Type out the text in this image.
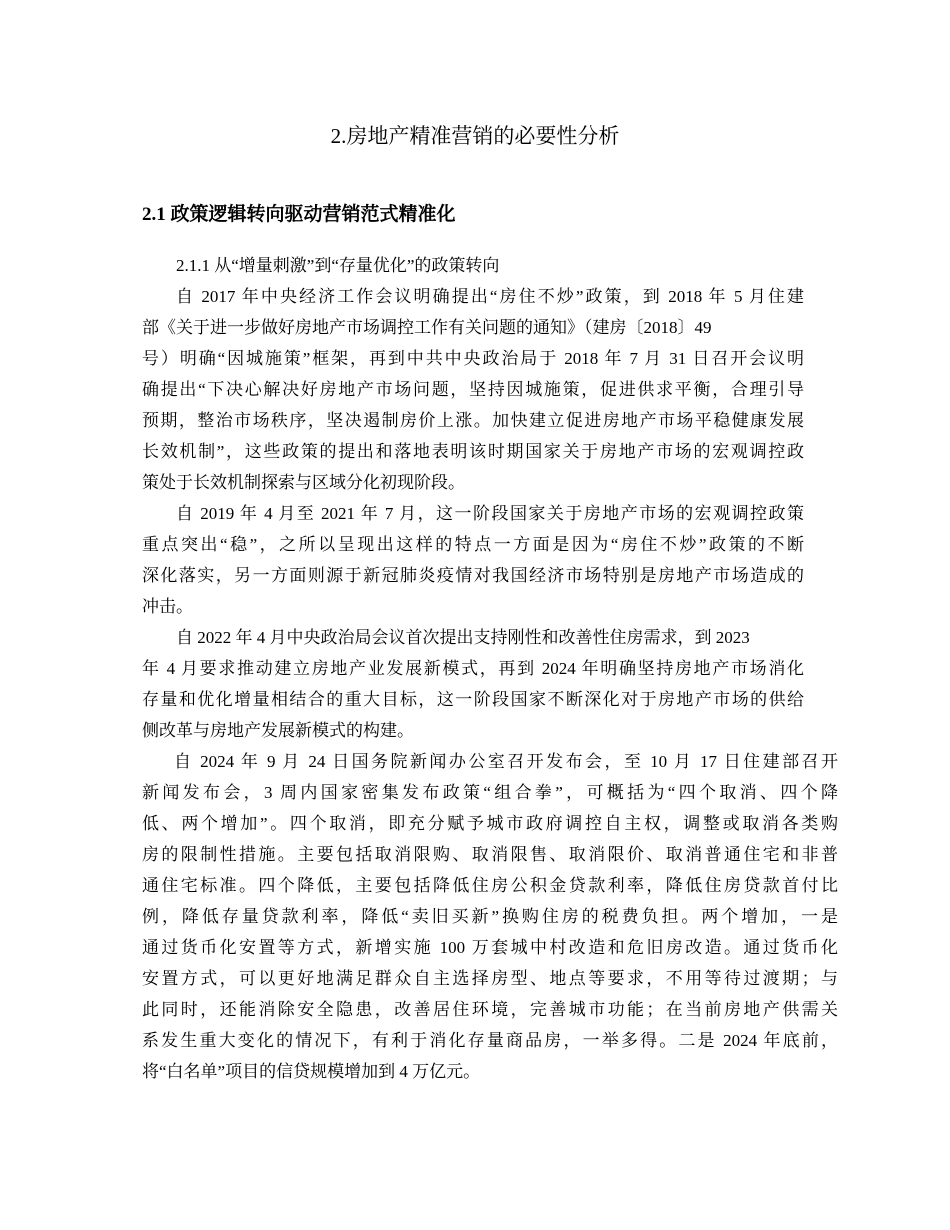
2.房地产精准营销的必要性分析
2.1 政策逻辑转向驱动营销范式精准化
2.1.1 从“增量刺激”到“存量优化”的政策转向
自 2017 年中央经济工作会议明确提出“房住不炒”政策，到 2018 年 5 月住建
部《关于进一步做好房地产市场调控工作有关问题的通知》（建房〔2018〕49
号）明确“因城施策”框架，再到中共中央政治局于 2018 年 7 月 31 日召开会议明
确提出“下决心解决好房地产市场问题，坚持因城施策，促进供求平衡，合理引导
预期，整治市场秩序，坚决遏制房价上涨。加快建立促进房地产市场平稳健康发展
长效机制”，这些政策的提出和落地表明该时期国家关于房地产市场的宏观调控政
策处于长效机制探索与区域分化初现阶段。
自 2019 年 4 月至 2021 年 7 月，这一阶段国家关于房地产市场的宏观调控政策
重点突出“稳”，之所以呈现出这样的特点一方面是因为“房住不炒”政策的不断
深化落实，另一方面则源于新冠肺炎疫情对我国经济市场特别是房地产市场造成的
冲击。
自 2022 年 4 月中央政治局会议首次提出支持刚性和改善性住房需求，到 2023
年 4 月要求推动建立房地产业发展新模式，再到 2024 年明确坚持房地产市场消化
存量和优化增量相结合的重大目标，这一阶段国家不断深化对于房地产市场的供给
侧改革与房地产发展新模式的构建。
自 2024 年 9 月 24 日国务院新闻办公室召开发布会，至 10 月 17 日住建部召开
新闻发布会，3 周内国家密集发布政策“组合拳”，可概括为“四个取消、四个降
低、两个增加”。四个取消，即充分赋予城市政府调控自主权，调整或取消各类购
房的限制性措施。主要包括取消限购、取消限售、取消限价、取消普通住宅和非普
通住宅标准。四个降低，主要包括降低住房公积金贷款利率，降低住房贷款首付比
例，降低存量贷款利率，降低“卖旧买新”换购住房的税费负担。两个增加，一是
通过货币化安置等方式，新增实施 100 万套城中村改造和危旧房改造。通过货币化
安置方式，可以更好地满足群众自主选择房型、地点等要求，不用等待过渡期；与
此同时，还能消除安全隐患，改善居住环境，完善城市功能；在当前房地产供需关
系发生重大变化的情况下，有利于消化存量商品房，一举多得。二是 2024 年底前，
将“白名单”项目的信贷规模增加到 4 万亿元。
